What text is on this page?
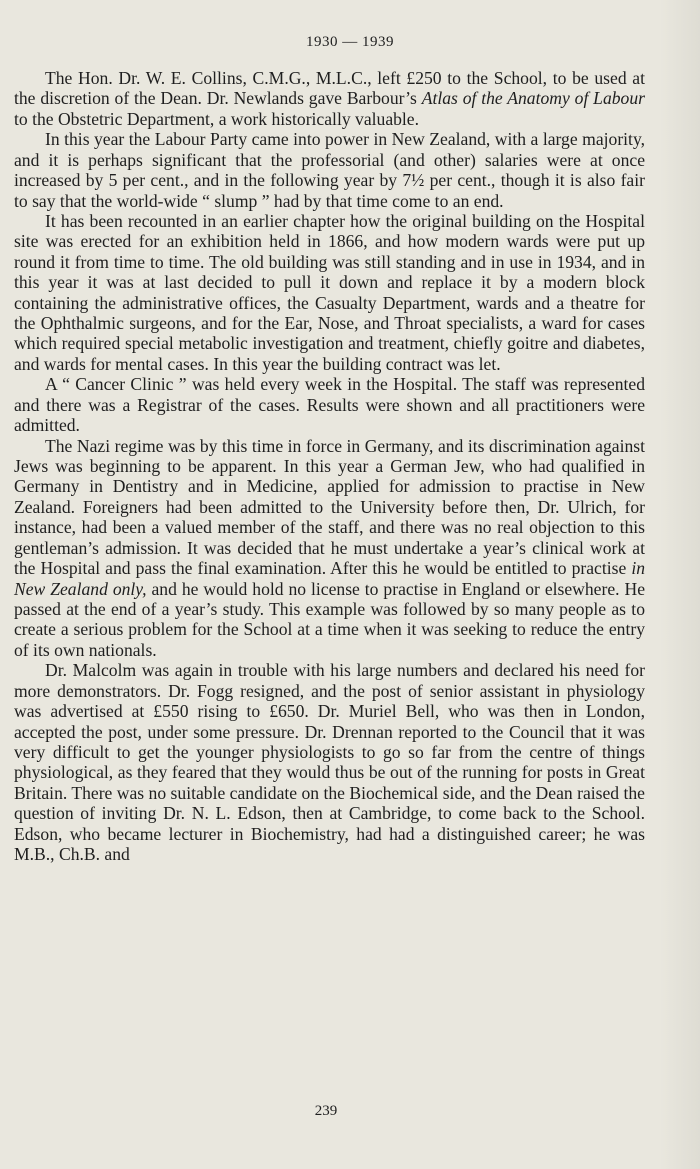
1930 — 1939

The Hon. Dr. W. E. Collins, C.M.G., M.L.C., left £250 to the School, to be used at the discretion of the Dean. Dr. Newlands gave Barbour’s Atlas of the Anatomy of Labour to the Obstetric Department, a work historically valuable.

In this year the Labour Party came into power in New Zealand, with a large majority, and it is perhaps significant that the professorial (and other) salaries were at once increased by 5 per cent., and in the following year by 7½ per cent., though it is also fair to say that the world-wide “ slump ” had by that time come to an end.

It has been recounted in an earlier chapter how the original building on the Hospital site was erected for an exhibition held in 1866, and how modern wards were put up round it from time to time. The old building was still standing and in use in 1934, and in this year it was at last decided to pull it down and replace it by a modern block containing the administrative offices, the Casualty Department, wards and a theatre for the Ophthalmic surgeons, and for the Ear, Nose, and Throat specialists, a ward for cases which required special metabolic investigation and treatment, chiefly goitre and diabetes, and wards for mental cases. In this year the building contract was let.

A “ Cancer Clinic ” was held every week in the Hospital. The staff was represented and there was a Registrar of the cases. Results were shown and all practitioners were admitted.

The Nazi regime was by this time in force in Germany, and its discrimination against Jews was beginning to be apparent. In this year a German Jew, who had qualified in Germany in Dentistry and in Medicine, applied for admission to practise in New Zealand. Foreigners had been admitted to the University before then, Dr. Ulrich, for instance, had been a valued member of the staff, and there was no real objection to this gentleman’s admission. It was decided that he must undertake a year’s clinical work at the Hospital and pass the final examination. After this he would be entitled to practise in New Zealand only, and he would hold no license to practise in England or elsewhere. He passed at the end of a year’s study. This example was followed by so many people as to create a serious problem for the School at a time when it was seeking to reduce the entry of its own nationals.

Dr. Malcolm was again in trouble with his large numbers and declared his need for more demonstrators. Dr. Fogg resigned, and the post of senior assistant in physiology was advertised at £550 rising to £650. Dr. Muriel Bell, who was then in London, accepted the post, under some pressure. Dr. Drennan reported to the Council that it was very difficult to get the younger physiologists to go so far from the centre of things physiological, as they feared that they would thus be out of the running for posts in Great Britain. There was no suitable candidate on the Biochemical side, and the Dean raised the question of inviting Dr. N. L. Edson, then at Cambridge, to come back to the School. Edson, who became lecturer in Biochemistry, had had a distinguished career; he was M.B., Ch.B. and

239
